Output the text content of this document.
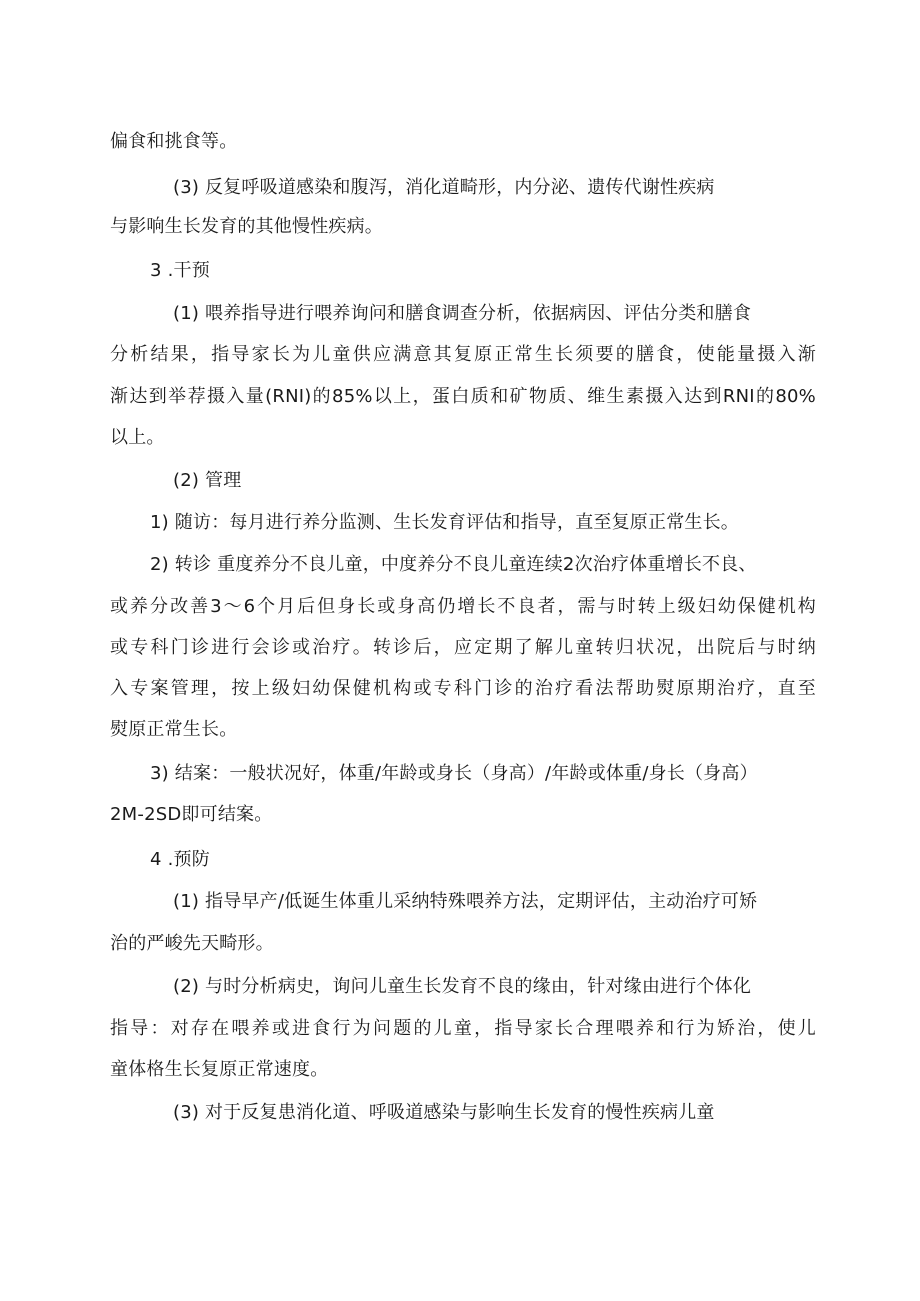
偏食和挑食等。
(3) 反复呼吸道感染和腹泻，消化道畸形，内分泌、遗传代谢性疾病
与影响生长发育的其他慢性疾病。
3 .干预
(1) 喂养指导进行喂养询问和膳食调查分析，依据病因、评估分类和膳食
分析结果，指导家长为儿童供应满意其复原正常生长须要的膳食，使能量摄入渐
渐达到举荐摄入量(RNI)的85%以上，蛋白质和矿物质、维生素摄入达到RNI的80%
以上。
(2) 管理
1) 随访：每月进行养分监测、生长发育评估和指导，直至复原正常生长。
2) 转诊 重度养分不良儿童，中度养分不良儿童连续2次治疗体重增长不良、
或养分改善3〜6个月后但身长或身高仍增长不良者，需与时转上级妇幼保健机构
或专科门诊进行会诊或治疗。转诊后，应定期了解儿童转归状况，出院后与时纳
入专案管理，按上级妇幼保健机构或专科门诊的治疗看法帮助熨原期治疗，直至
熨原正常生长。
3) 结案：一般状况好，体重/年龄或身长（身高）/年龄或体重/身长（身高）
2M-2SD即可结案。
4 .预防
(1) 指导早产/低诞生体重儿采纳特殊喂养方法，定期评估，主动治疗可矫
治的严峻先天畸形。
(2) 与时分析病史，询问儿童生长发育不良的缘由，针对缘由进行个体化
指导：对存在喂养或进食行为问题的儿童，指导家长合理喂养和行为矫治，使儿
童体格生长复原正常速度。
(3) 对于反复患消化道、呼吸道感染与影响生长发育的慢性疾病儿童
